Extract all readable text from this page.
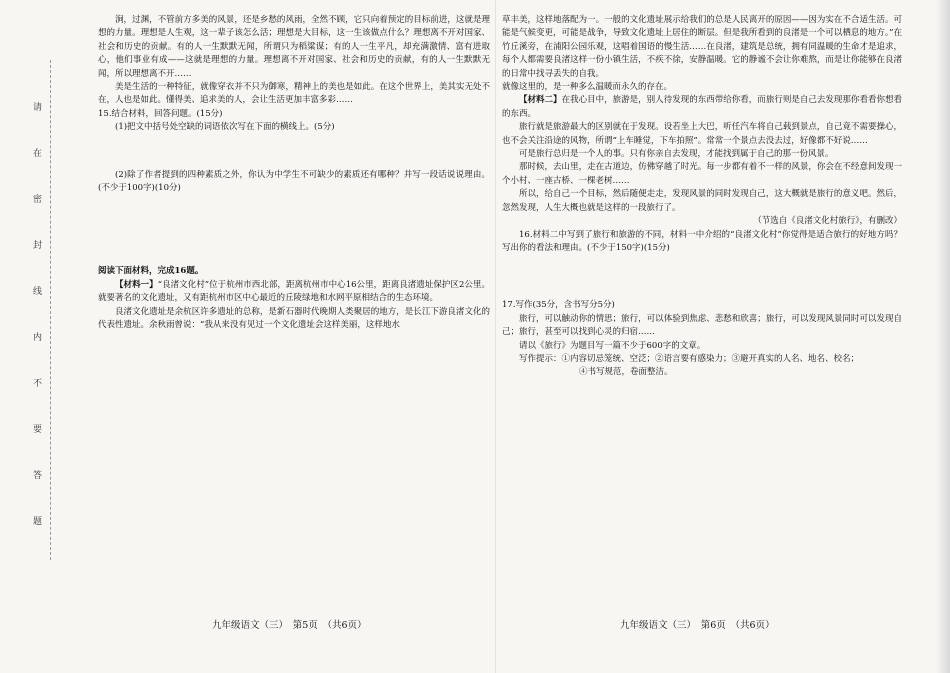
请
在
密
封
线
内
不
要
答
题

涧，过渊，不管前方多美的风景，还是乡愁的风雨，全然不顾，它只向着预定的目标前进，这就是理想的力量。理想是人生观，这一辈子该怎么活；理想是大目标，这一生该做点什么？理想离不开对国家、社会和历史的贡献。有的人一生默默无闻，所谓只为稻粱谋；有的人一生平凡，却充满激情、富有进取心，他们事业有成——这就是理想的力量。理想离不开对国家、社会和历史的贡献，有的人一生默默无闻，所以理想离不开……

美是生活的一种特征，就像穿衣并不只为御寒，精神上的美也是如此。在这个世界上，美其实无处不在，人也是如此。懂得美、追求美的人，会让生活更加丰富多彩……

15.结合材料，回答问题。(15分)

(1)把文中括号处空缺的词语依次写在下面的横线上。(5分)

(2)除了作者提到的四种素质之外，你认为中学生不可缺少的素质还有哪种？并写一段话说说理由。(不少于100字)(10分)

阅读下面材料，完成16题。

【材料一】“良渚文化村”位于杭州市西北部，距离杭州市中心16公里，距离良渚遗址保护区2公里。就要著名的文化遗址，又有距杭州市区中心最近的丘陵绿地和水网平原相结合的生态环境。

良渚文化遗址是余杭区许多遗址的总称，是新石器时代晚期人类聚居的地方，是长江下游良渚文化的代表性遗址。余秋雨曾说：“我从来没有见过一个文化遗址会这样美丽，这样地水

草丰美，这样地落配为一。一般的文化遗址展示给我们的总是人民离开的原因——因为实在不合适生活。可能是气候变更，可能是战争，导致文化遗址上居住的断层。但是我所看到的良渚是一个可以栖息的地方。”在竹丘溪旁，在浦阳公园乐观，这唱着国语的慢生活……在良渚，建筑是总统，拥有同温暖的生命才是追求，每个人都需要良渚这样一份小镇生活，不疾不徐，安静温暖。它的静谧不会让你难熬，而是让你能够在良渚的日常中找寻丢失的自我。

就像这里的，是一种多么温暖而永久的存在。

【材料二】在我心目中，旅游是，别人待发现的东西带给你看，而旅行则是自己去发现那你看看你想看的东西。

旅行就是旅游最大的区别就在于发现。设若坐上大巴，听任汽车将自己载到景点，自己竟不需要操心，也不会关注沿途的风物，所谓“上车睡觉，下车拍照”。常常一个景点去没去过，好像都不好说……

可是旅行总归是一个人的事。只有你亲自去发现，才能找到属于自己的那一份风景。

那时候，去山里，走在古道边，仿佛穿越了时光。每一步都有着不一样的风景，你会在不经意间发现一个小村、一座古桥、一棵老树……

所以，给自己一个目标，然后随便走走，发现风景的同时发现自己，这大概就是旅行的意义吧。然后，忽然发现，人生大概也就是这样的一段旅行了。

（节选自《良渚文化村旅行》，有删改）

16.材料二中写到了旅行和旅游的不同，材料一中介绍的“良渚文化村”你觉得是适合旅行的好地方吗？写出你的看法和理由。(不少于150字)(15分)

17.写作(35分，含书写分5分)

旅行，可以触动你的情思；旅行，可以体验到焦虑、悲愁和欣喜；旅行，可以发现风景同时可以发现自己；旅行，甚至可以找到心灵的归宿……

请以《旅行》为题目写一篇不少于600字的文章。

写作提示：①内容切忌笼统、空泛；②语言要有感染力；③避开真实的人名、地名、校名；

④书写规范，卷面整洁。

九年级语文（三）　第5页　（共6页）	九年级语文（三）　第6页　（共6页）
